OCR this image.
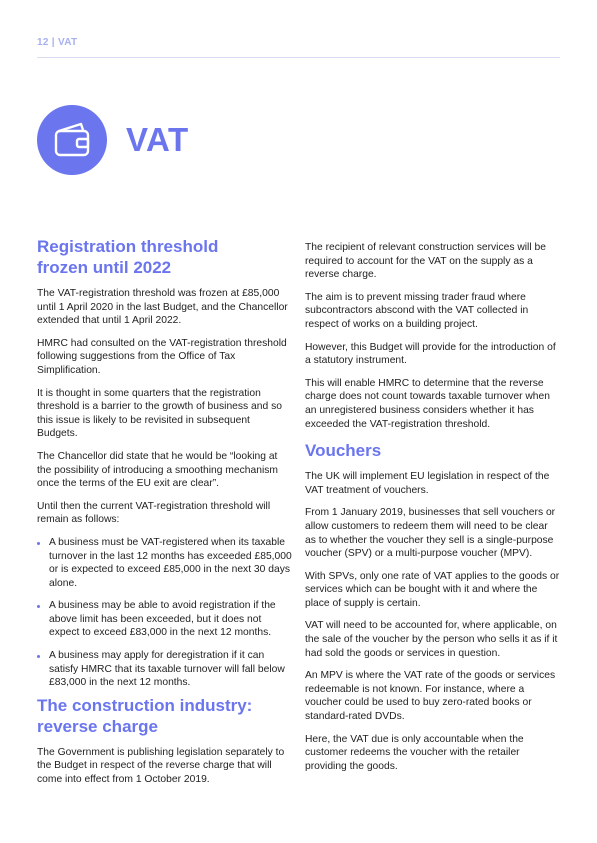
12 | VAT
VAT
Registration threshold
frozen until 2022

The VAT-registration threshold was frozen at £85,000 until 1 April 2020 in the last Budget, and the Chancellor extended that until 1 April 2022.

HMRC had consulted on the VAT-registration threshold following suggestions from the Office of Tax Simplification.

It is thought in some quarters that the registration threshold is a barrier to the growth of business and so this issue is likely to be revisited in subsequent Budgets.

The Chancellor did state that he would be “looking at the possibility of introducing a smoothing mechanism once the terms of the EU exit are clear”.

Until then the current VAT-registration threshold will remain as follows:

A business must be VAT-registered when its taxable turnover in the last 12 months has exceeded £85,000 or is expected to exceed £85,000 in the next 30 days alone.
A business may be able to avoid registration if the above limit has been exceeded, but it does not expect to exceed £83,000 in the next 12 months.
A business may apply for deregistration if it can satisfy HMRC that its taxable turnover will fall below £83,000 in the next 12 months.
The construction industry:
reverse charge

The Government is publishing legislation separately to the Budget in respect of the reverse charge that will come into effect from 1 October 2019.

The recipient of relevant construction services will be required to account for the VAT on the supply as a reverse charge.

The aim is to prevent missing trader fraud where subcontractors abscond with the VAT collected in respect of works on a building project.

However, this Budget will provide for the introduction of a statutory instrument.

This will enable HMRC to determine that the reverse charge does not count towards taxable turnover when an unregistered business considers whether it has exceeded the VAT-registration threshold.

Vouchers

The UK will implement EU legislation in respect of the VAT treatment of vouchers.

From 1 January 2019, businesses that sell vouchers or allow customers to redeem them will need to be clear as to whether the voucher they sell is a single-purpose voucher (SPV) or a multi-purpose voucher (MPV).

With SPVs, only one rate of VAT applies to the goods or services which can be bought with it and where the place of supply is certain.

VAT will need to be accounted for, where applicable, on the sale of the voucher by the person who sells it as if it had sold the goods or services in question.

An MPV is where the VAT rate of the goods or services redeemable is not known. For instance, where a voucher could be used to buy zero-rated books or standard-rated DVDs.

Here, the VAT due is only accountable when the customer redeems the voucher with the retailer providing the goods.
